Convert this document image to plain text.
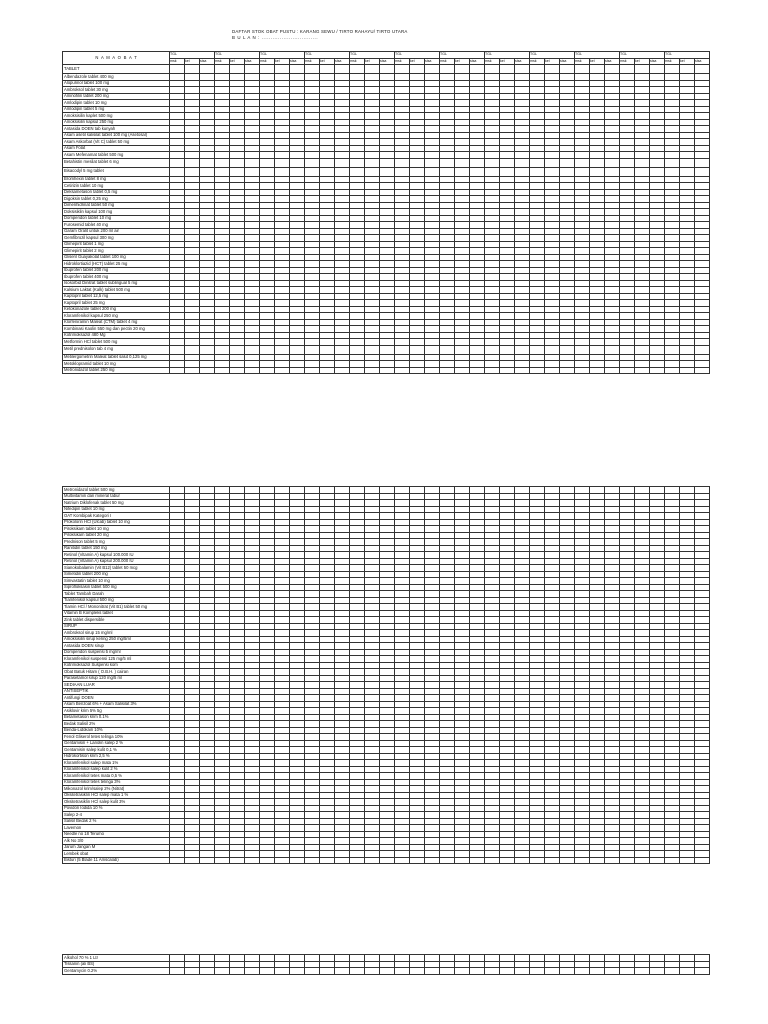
DAFTAR STOK OBAT PUSTU : KARANG SEWU / TIRTO RAHAYU/ TIRTO UTARA
B U L A N : ...............................
N A M A O B A T	TGL			TGL			TGL			TGL			TGL			TGL			TGL			TGL			TGL			TGL			TGL			TGL		
	msk	kel	sisa	msk	kel	sisa	msk	kel	sisa	msk	kel	sisa	msk	kel	sisa	msk	kel	sisa	msk	kel	sisa	msk	kel	sisa	msk	kel	sisa	msk	kel	sisa	msk	kel	sisa	msk	kel	sisa
TABLET																																				
Albendazole tablet 400 mg																																				
Alopurinol tablet 100 mg																																				
Ambroksol tablet 30 mg																																				
Aminofilin tablet 200 mg																																				
Amlodipin tablet 10 mg																																				
Amlodipin tablet 5 mg																																				
Amoksisilin kaplet 500 mg																																				
Amoksisilin kapsul 250 mg																																				
Antasida DOEN tab kunyah																																				
Asam asetil salisilat tablet 100 mg (Asetosal)																																				
Asam Askorbat (Vit C) tablet 50 mg																																				
Asam Folat																																				
Asam Mefenamat tablet 500 mg																																				
Betahistin mesilat tablet 6 mg																																				
Bisacodyl 5 mg tablet																																				
Bromhexin tablet 8 mg																																				
Cetirizin tablet 10 mg																																				
Deksametason tablet 0,5 mg																																				
Digoksin tablet 0,25 mg																																				
Dimenhidrinat tablet 50 mg																																				
Doksisiklin kapsul 100 mg																																				
Domperidon tablet 10 mg																																				
Furosemid tablet 40 mg																																				
Garam Oralit untuk 200 ml air																																				
Gemfibrozil kapsul 300 mg																																				
Glimepirit tablet 1 mg																																				
Glimepirit tablet 2 mg																																				
Gliseril Guayakolat tablet 100 mg																																				
Hidroklortiazid (HCT) tablet 25 mg																																				
Ibuprofen tablet 200 mg																																				
Ibuprofen tablet 400 mg																																				
Isosorbid Dinitrat tablet sublingual 5 mg																																				
Kalsium Laktat (Kalk) tablet 500 mg																																				
Kaptopril tablet 12,5 mg																																				
Kaptopril tablet 25 mg																																				
Ketokonazole tablet 200 mg																																				
Kloramfenikol kapsul 250 mg																																				
Klorfeniramin Maleat (CTM) tablet 4 mg																																				
Kombinasi Kaolin 550 mg dan pectin 20 mg																																				
Kotrimoksazol 480 Mg																																				
Metformin HCl tablet 500 mg																																				
Metil prednisolon tab 4 mg																																				
Metilergometrin Maleat tablet salut 0,125 mg																																				
Metoklopramid tablet 10 mg																																				
Metronidazol tablet 250 mg																																				
Metronidazol tablet 500 mg																																				
Multivitamin dan mineral tabur																																				
Natrium Diklofenak tablet 50 mg																																				
Nifedipin tablet 10 mg																																				
OAT Kombipak Kategori I																																				
Prokolorin HCl (Ulcab) tablet 10 mg																																				
Piroksikam tablet 10 mg																																				
Piroksikam tablet 20 mg																																				
Prednison tablet 5 mg																																				
Ranitidin tablet 150 mg																																				
Retinol (Vitamin A) kapsul 100.000 IU																																				
Retinol (Vitamin A) kapsul 200.000 IU																																				
Sianokobalamin (Vit B12) tablet 50 mcg																																				
Simetidin tablet 200 mg																																				
Simvastatin tablet 10 mg																																				
Siprofloksasin tablet 500 mg																																				
Tablet Tambah Darah																																				
Tiamfenikol kapsul 500 mg																																				
Tiamin HCl / Mononitrat (Vit B1) tablet 50 mg																																				
Vitamin B Kompleks tablet																																				
Zink tablet dispersible																																				
SIRUP																																				
Ambroksol sirup 15 mg/ml																																				
Amoksisilin sirup kering 250 mg/5ml																																				
Antasida DOEN sirup																																				
Domperidon suspensi 5 mg/ml																																				
Kloramfenikol suspensi 125 mg/5 ml																																				
Kotrimoksazol Suspensi kom																																				
Obat Batuk Hitam ( O.B.H. ) cairan																																				
Parasetamol sirup 120 mg/5 ml																																				
SEDIAAN LUAR																																				
ANTISEPTIK																																				
Antifungi DOEN																																				
Asam Benzoat 6% + Asam Salisilat 3%																																				
Asiklovir krim 5% 5g																																				
Betametason krim 0.1%																																				
Bedak Salisil 2%																																				
Benda-Lidokain 10%																																				
Fenol Gliserol tetes telinga 10%																																				
Gentamisin + Lanolin salep 2 %																																				
Gentamisin salep kulit 0,1 %																																				
Hidrokortison krim 2,5 %																																				
Kloramfenikol salep mata 1%																																				
Kloramfenikol salep kulit 2 %																																				
Kloramfenikol tetes mata 0,5 %																																				
Kloramfenikol tetes telinga 3%																																				
Mikonazol krim/salep 2% (Nitrat)																																				
Oksitetrasiklin HCl salep mata 1 %																																				
Oksitetrasiklin HCl salep kulit 3%																																				
Povidon Iodida 10 %																																				
Salep 2-4																																				
Salisil Bedak 2 %																																				
Lavemon																																				
Needle no 18 Terumo																																				
Alk No 3/0																																				
Jarum Jangan M																																				
Lembek obat																																				
Bisturi (5 Blade 11 Amscalab)																																				
Alkohol 70 % 1 Ltr																																				
Tissanin (ali BS)																																				
Gentamycin 0.2%																																				
